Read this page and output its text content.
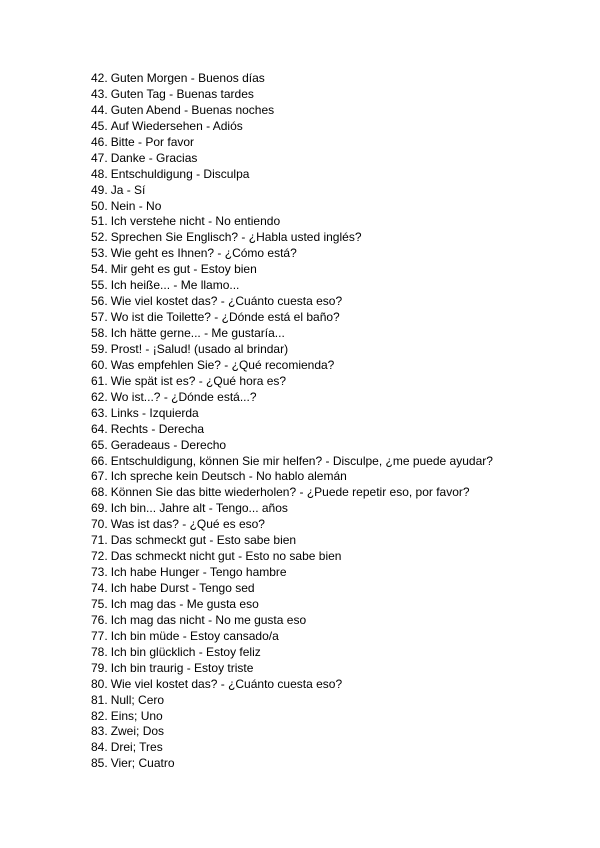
42. Guten Morgen - Buenos días
43. Guten Tag - Buenas tardes
44. Guten Abend - Buenas noches
45. Auf Wiedersehen - Adiós
46. Bitte - Por favor
47. Danke - Gracias
48. Entschuldigung - Disculpa
49. Ja - Sí
50. Nein - No
51. Ich verstehe nicht - No entiendo
52. Sprechen Sie Englisch? - ¿Habla usted inglés?
53. Wie geht es Ihnen? - ¿Cómo está?
54. Mir geht es gut - Estoy bien
55. Ich heiße... - Me llamo...
56. Wie viel kostet das? - ¿Cuánto cuesta eso?
57. Wo ist die Toilette? - ¿Dónde está el baño?
58. Ich hätte gerne... - Me gustaría...
59. Prost! - ¡Salud! (usado al brindar)
60. Was empfehlen Sie? - ¿Qué recomienda?
61. Wie spät ist es? - ¿Qué hora es?
62. Wo ist...? - ¿Dónde está...?
63. Links - Izquierda
64. Rechts - Derecha
65. Geradeaus - Derecho
66. Entschuldigung, können Sie mir helfen? - Disculpe, ¿me puede ayudar?
67. Ich spreche kein Deutsch - No hablo alemán
68. Können Sie das bitte wiederholen? - ¿Puede repetir eso, por favor?
69. Ich bin... Jahre alt - Tengo... años
70. Was ist das? - ¿Qué es eso?
71. Das schmeckt gut - Esto sabe bien
72. Das schmeckt nicht gut - Esto no sabe bien
73. Ich habe Hunger - Tengo hambre
74. Ich habe Durst - Tengo sed
75. Ich mag das - Me gusta eso
76. Ich mag das nicht - No me gusta eso
77. Ich bin müde - Estoy cansado/a
78. Ich bin glücklich - Estoy feliz
79. Ich bin traurig - Estoy triste
80. Wie viel kostet das? - ¿Cuánto cuesta eso?
81. Null; Cero
82. Eins; Uno
83. Zwei; Dos
84. Drei; Tres
85. Vier; Cuatro
